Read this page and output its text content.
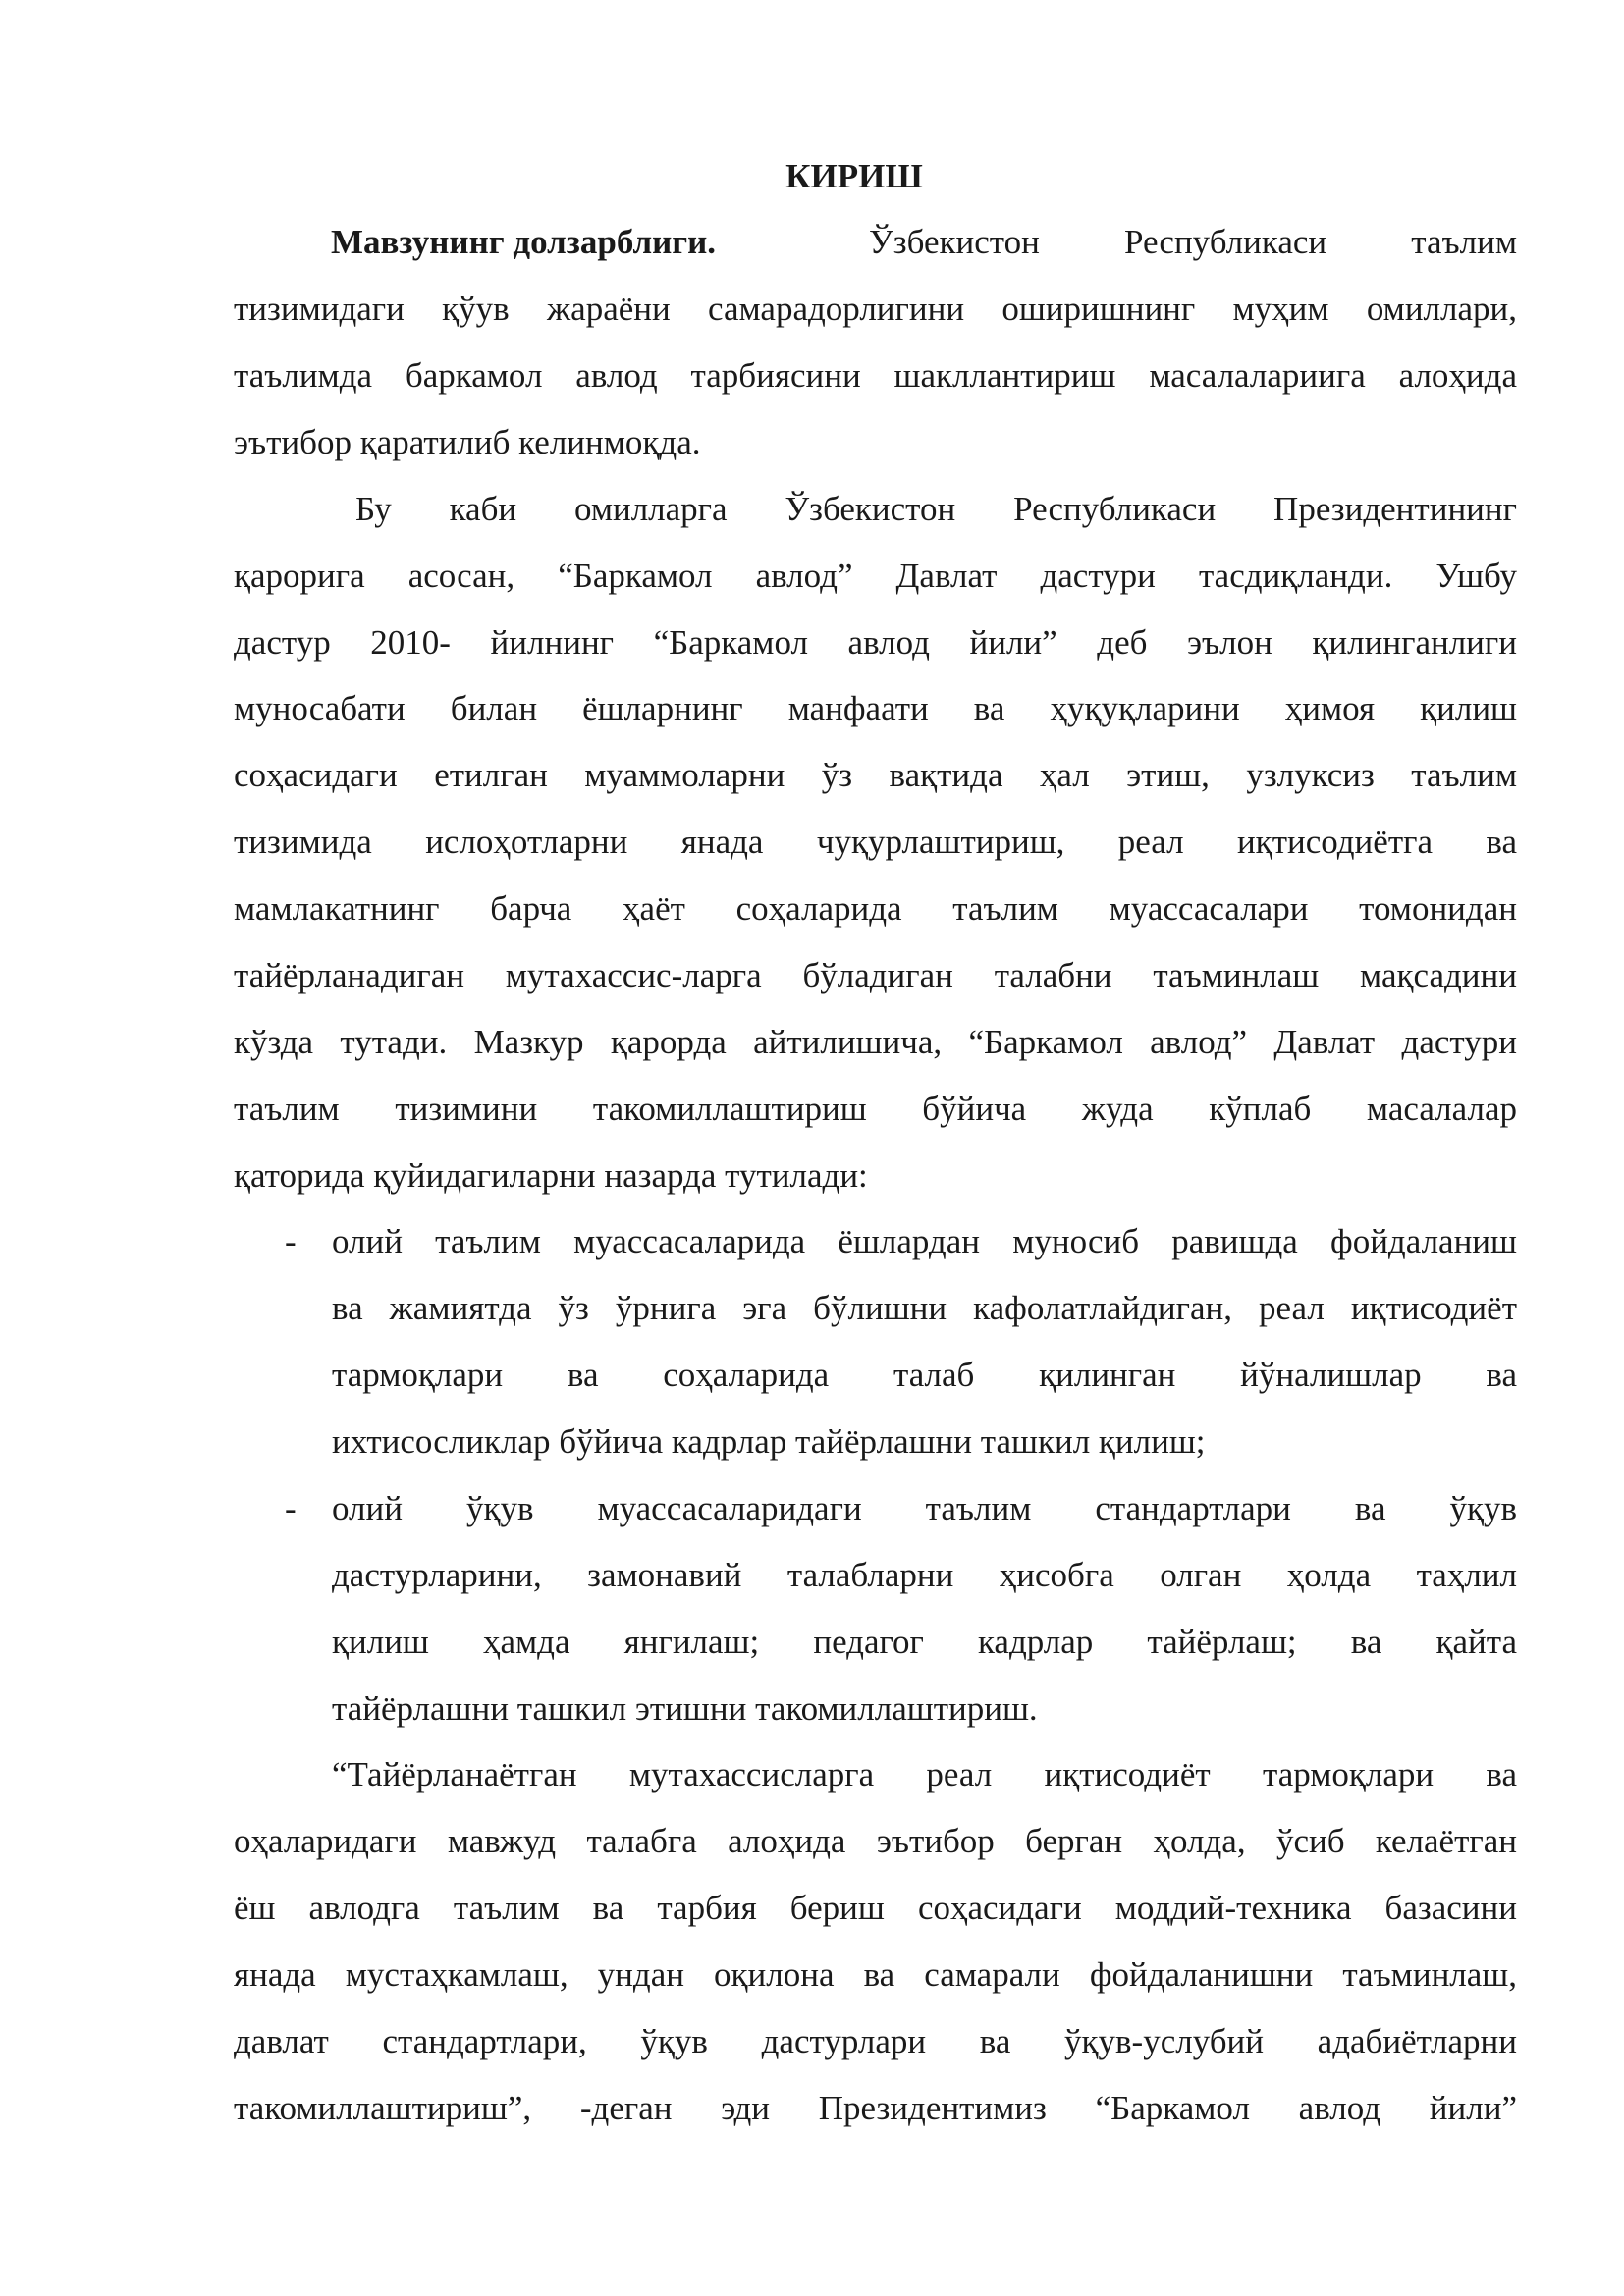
КИРИШ
Мавзунинг долзарблиги.	Ўзбекистон Республикаси таълим
тизимидаги қўув жараёни самарадорлигини оширишнинг муҳим омиллари,
таълимда баркамол авлод тарбиясини шакллантириш масалалариига алоҳида
эътибор қаратилиб келинмоқда.
Бу каби омилларга Ўзбекистон Республикаси Президентининг
қарорига асосан, “Баркамол авлод” Давлат дастури тасдиқланди. Ушбу
дастур 2010- йилнинг “Баркамол авлод йили” деб эълон қилинганлиги
муносабати билан ёшларнинг манфаати ва ҳуқуқларини ҳимоя қилиш
соҳасидаги етилган муаммоларни ўз вақтида ҳал этиш, узлуксиз таълим
тизимида ислоҳотларни янада чуқурлаштириш, реал иқтисодиётга ва
мамлакатнинг барча ҳаёт соҳаларида таълим муассасалари томонидан
тайёрланадиган мутахассис-ларга бўладиган талабни таъминлаш мақсадини
кўзда тутади. Мазкур қарорда айтилишича, “Баркамол авлод” Давлат дастури
таълим тизимини такомиллаштириш бўйича жуда кўплаб масалалар
қаторида қуйидагиларни назарда тутилади:
- олий таълим муассасаларида ёшлардан муносиб равишда фойдаланиш
ва жамиятда ўз ўрнига эга бўлишни кафолатлайдиган, реал иқтисодиёт
тармоқлари ва соҳаларида талаб қилинган йўналишлар ва
ихтисосликлар бўйича кадрлар тайёрлашни ташкил қилиш;
- олий ўқув муассасаларидаги таълим стандартлари ва ўқув
дастурларини, замонавий талабларни ҳисобга олган ҳолда таҳлил
қилиш ҳамда янгилаш; педагог кадрлар тайёрлаш; ва қайта
тайёрлашни ташкил этишни такомиллаштириш.
“Тайёрланаётган мутахассисларга реал иқтисодиёт тармоқлари ва
оҳаларидаги мавжуд талабга алоҳида эътибор берган ҳолда, ўсиб келаётган
ёш авлодга таълим ва тарбия бериш соҳасидаги моддий-техника базасини
янада мустаҳкамлаш, ундан оқилона ва самарали фойдаланишни таъминлаш,
давлат стандартлари, ўқув дастурлари ва ўқув-услубий адабиётларни
такомиллаштириш”, -деган эди Президентимиз “Баркамол авлод йили”
